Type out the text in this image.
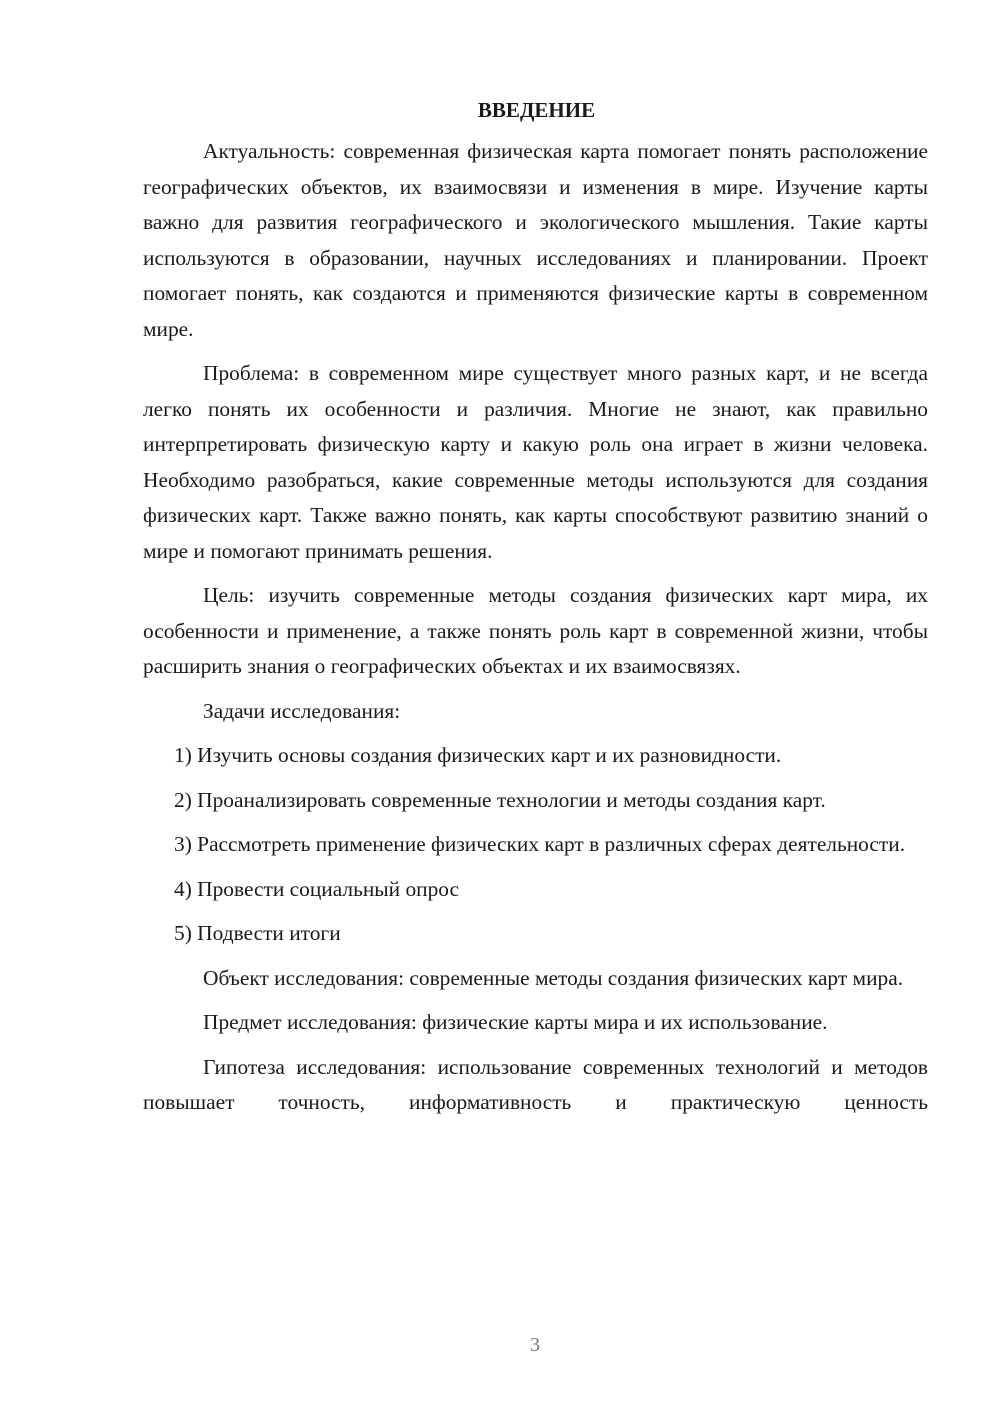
ВВЕДЕНИЕ

Актуальность: современная физическая карта помогает понять расположение географических объектов, их взаимосвязи и изменения в мире. Изучение карты важно для развития географического и экологического мышления. Такие карты используются в образовании, научных исследованиях и планировании. Проект помогает понять, как создаются и применяются физические карты в современном мире.

Проблема: в современном мире существует много разных карт, и не всегда легко понять их особенности и различия. Многие не знают, как правильно интерпретировать физическую карту и какую роль она играет в жизни человека. Необходимо разобраться, какие современные методы используются для создания физических карт. Также важно понять, как карты способствуют развитию знаний о мире и помогают принимать решения.

Цель: изучить современные методы создания физических карт мира, их особенности и применение, а также понять роль карт в современной жизни, чтобы расширить знания о географических объектах и их взаимосвязях.

Задачи исследования:

1) Изучить основы создания физических карт и их разновидности.

2) Проанализировать современные технологии и методы создания карт.

3) Рассмотреть применение физических карт в различных сферах деятельности.

4) Провести социальный опрос

5) Подвести итоги

Объект исследования: современные методы создания физических карт мира.

Предмет исследования: физические карты мира и их использование.

Гипотеза исследования: использование современных технологий и методов повышает точность, информативность и практическую ценность

3
